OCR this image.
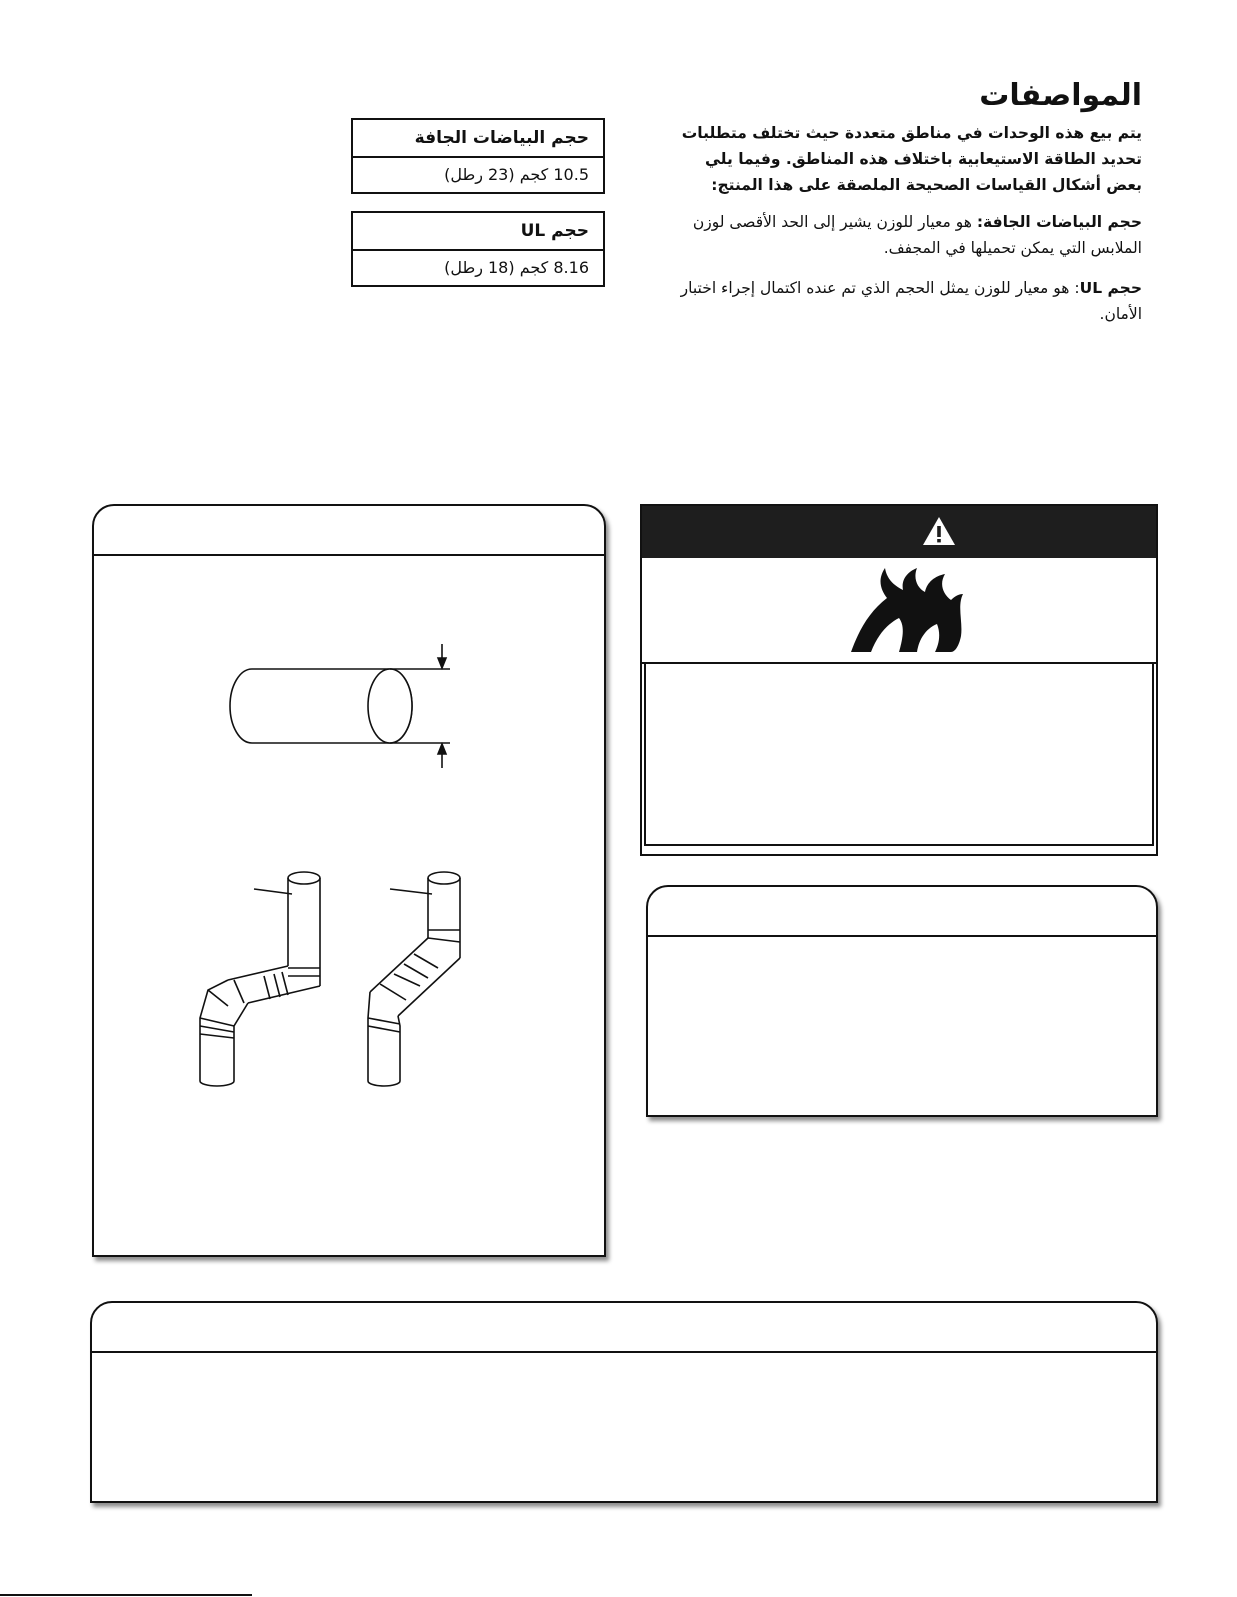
المواصفات
يتم بيع هذه الوحدات في مناطق متعددة حيث تختلف متطلبات تحديد الطاقة الاستيعابية باختلاف هذه المناطق. وفيما يلي بعض أشكال القياسات الصحيحة الملصقة على هذا المنتج:
حجم البياضات الجافة: هو معيار للوزن يشير إلى الحد الأقصى لوزن الملابس التي يمكن تحميلها في المجفف.
حجم UL: هو معيار للوزن يمثل الحجم الذي تم عنده اكتمال إجراء اختبار الأمان.
حجم البياضات الجافة
10.5 كجم (23 رطل)
حجم UL
8.16 كجم (18 رطل)
